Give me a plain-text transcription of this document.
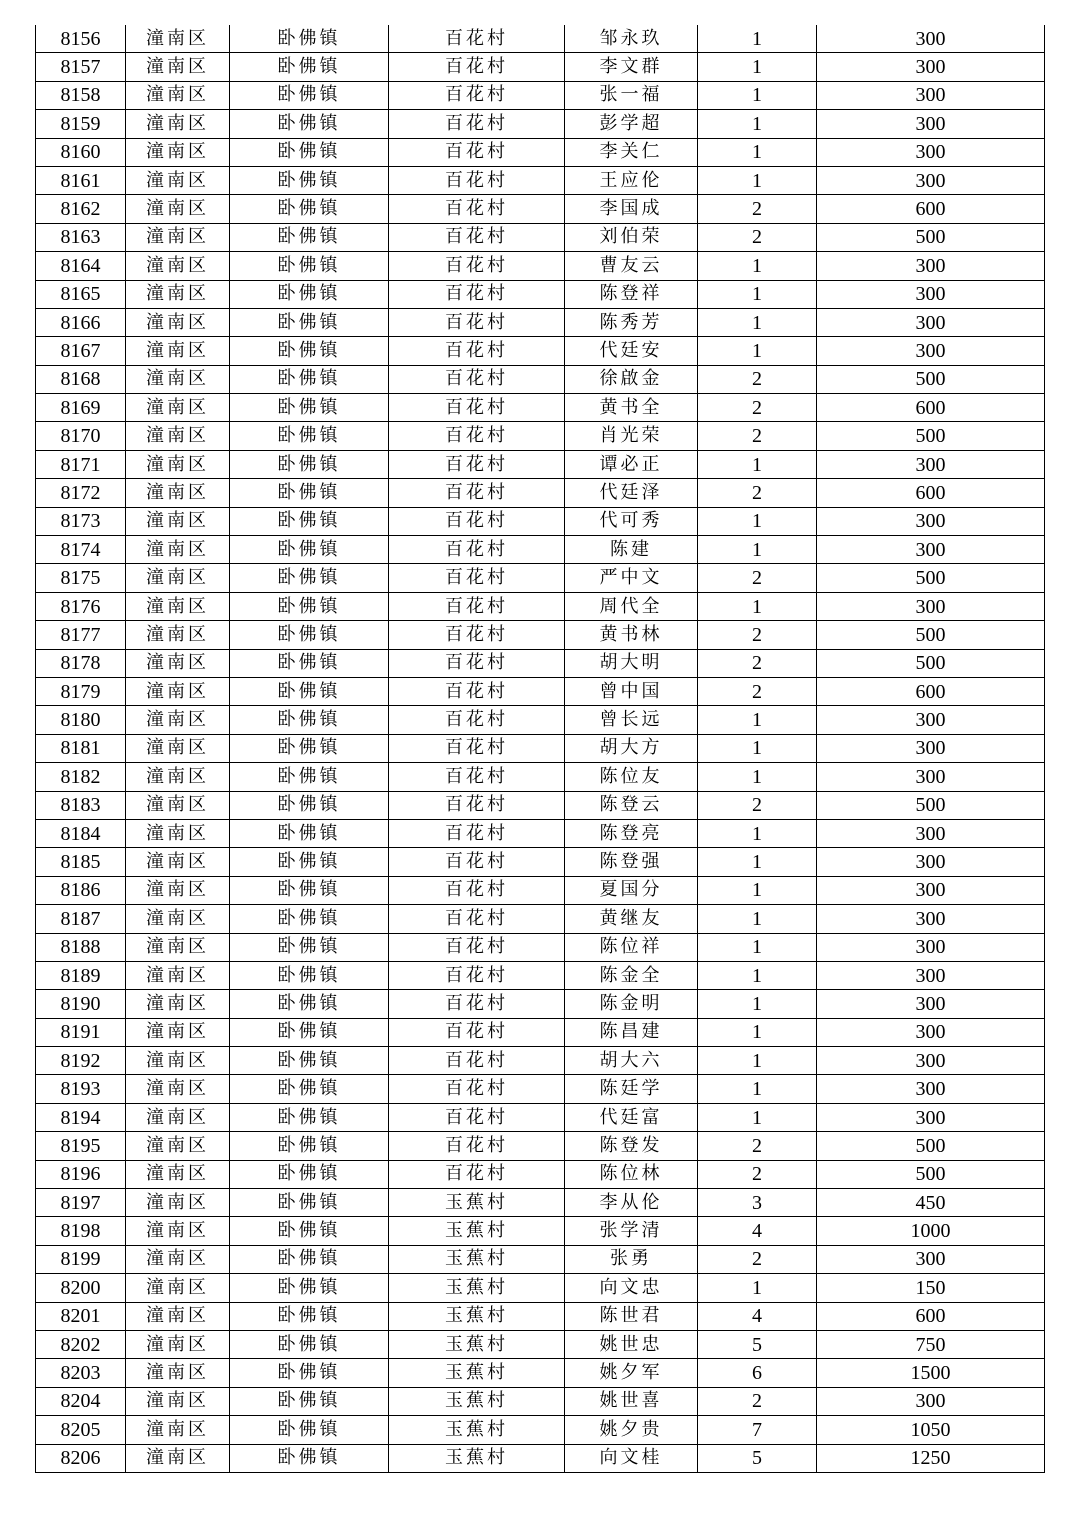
8156	潼南区	卧佛镇	百花村	邹永玖	1	300
8157	潼南区	卧佛镇	百花村	李文群	1	300
8158	潼南区	卧佛镇	百花村	张一福	1	300
8159	潼南区	卧佛镇	百花村	彭学超	1	300
8160	潼南区	卧佛镇	百花村	李关仁	1	300
8161	潼南区	卧佛镇	百花村	王应伦	1	300
8162	潼南区	卧佛镇	百花村	李国成	2	600
8163	潼南区	卧佛镇	百花村	刘伯荣	2	500
8164	潼南区	卧佛镇	百花村	曹友云	1	300
8165	潼南区	卧佛镇	百花村	陈登祥	1	300
8166	潼南区	卧佛镇	百花村	陈秀芳	1	300
8167	潼南区	卧佛镇	百花村	代廷安	1	300
8168	潼南区	卧佛镇	百花村	徐啟金	2	500
8169	潼南区	卧佛镇	百花村	黄书全	2	600
8170	潼南区	卧佛镇	百花村	肖光荣	2	500
8171	潼南区	卧佛镇	百花村	谭必正	1	300
8172	潼南区	卧佛镇	百花村	代廷泽	2	600
8173	潼南区	卧佛镇	百花村	代可秀	1	300
8174	潼南区	卧佛镇	百花村	陈建	1	300
8175	潼南区	卧佛镇	百花村	严中文	2	500
8176	潼南区	卧佛镇	百花村	周代全	1	300
8177	潼南区	卧佛镇	百花村	黄书林	2	500
8178	潼南区	卧佛镇	百花村	胡大明	2	500
8179	潼南区	卧佛镇	百花村	曾中国	2	600
8180	潼南区	卧佛镇	百花村	曾长远	1	300
8181	潼南区	卧佛镇	百花村	胡大方	1	300
8182	潼南区	卧佛镇	百花村	陈位友	1	300
8183	潼南区	卧佛镇	百花村	陈登云	2	500
8184	潼南区	卧佛镇	百花村	陈登亮	1	300
8185	潼南区	卧佛镇	百花村	陈登强	1	300
8186	潼南区	卧佛镇	百花村	夏国分	1	300
8187	潼南区	卧佛镇	百花村	黄继友	1	300
8188	潼南区	卧佛镇	百花村	陈位祥	1	300
8189	潼南区	卧佛镇	百花村	陈金全	1	300
8190	潼南区	卧佛镇	百花村	陈金明	1	300
8191	潼南区	卧佛镇	百花村	陈昌建	1	300
8192	潼南区	卧佛镇	百花村	胡大六	1	300
8193	潼南区	卧佛镇	百花村	陈廷学	1	300
8194	潼南区	卧佛镇	百花村	代廷富	1	300
8195	潼南区	卧佛镇	百花村	陈登发	2	500
8196	潼南区	卧佛镇	百花村	陈位林	2	500
8197	潼南区	卧佛镇	玉蕉村	李从伦	3	450
8198	潼南区	卧佛镇	玉蕉村	张学清	4	1000
8199	潼南区	卧佛镇	玉蕉村	张勇	2	300
8200	潼南区	卧佛镇	玉蕉村	向文忠	1	150
8201	潼南区	卧佛镇	玉蕉村	陈世君	4	600
8202	潼南区	卧佛镇	玉蕉村	姚世忠	5	750
8203	潼南区	卧佛镇	玉蕉村	姚夕军	6	1500
8204	潼南区	卧佛镇	玉蕉村	姚世喜	2	300
8205	潼南区	卧佛镇	玉蕉村	姚夕贵	7	1050
8206	潼南区	卧佛镇	玉蕉村	向文桂	5	1250
